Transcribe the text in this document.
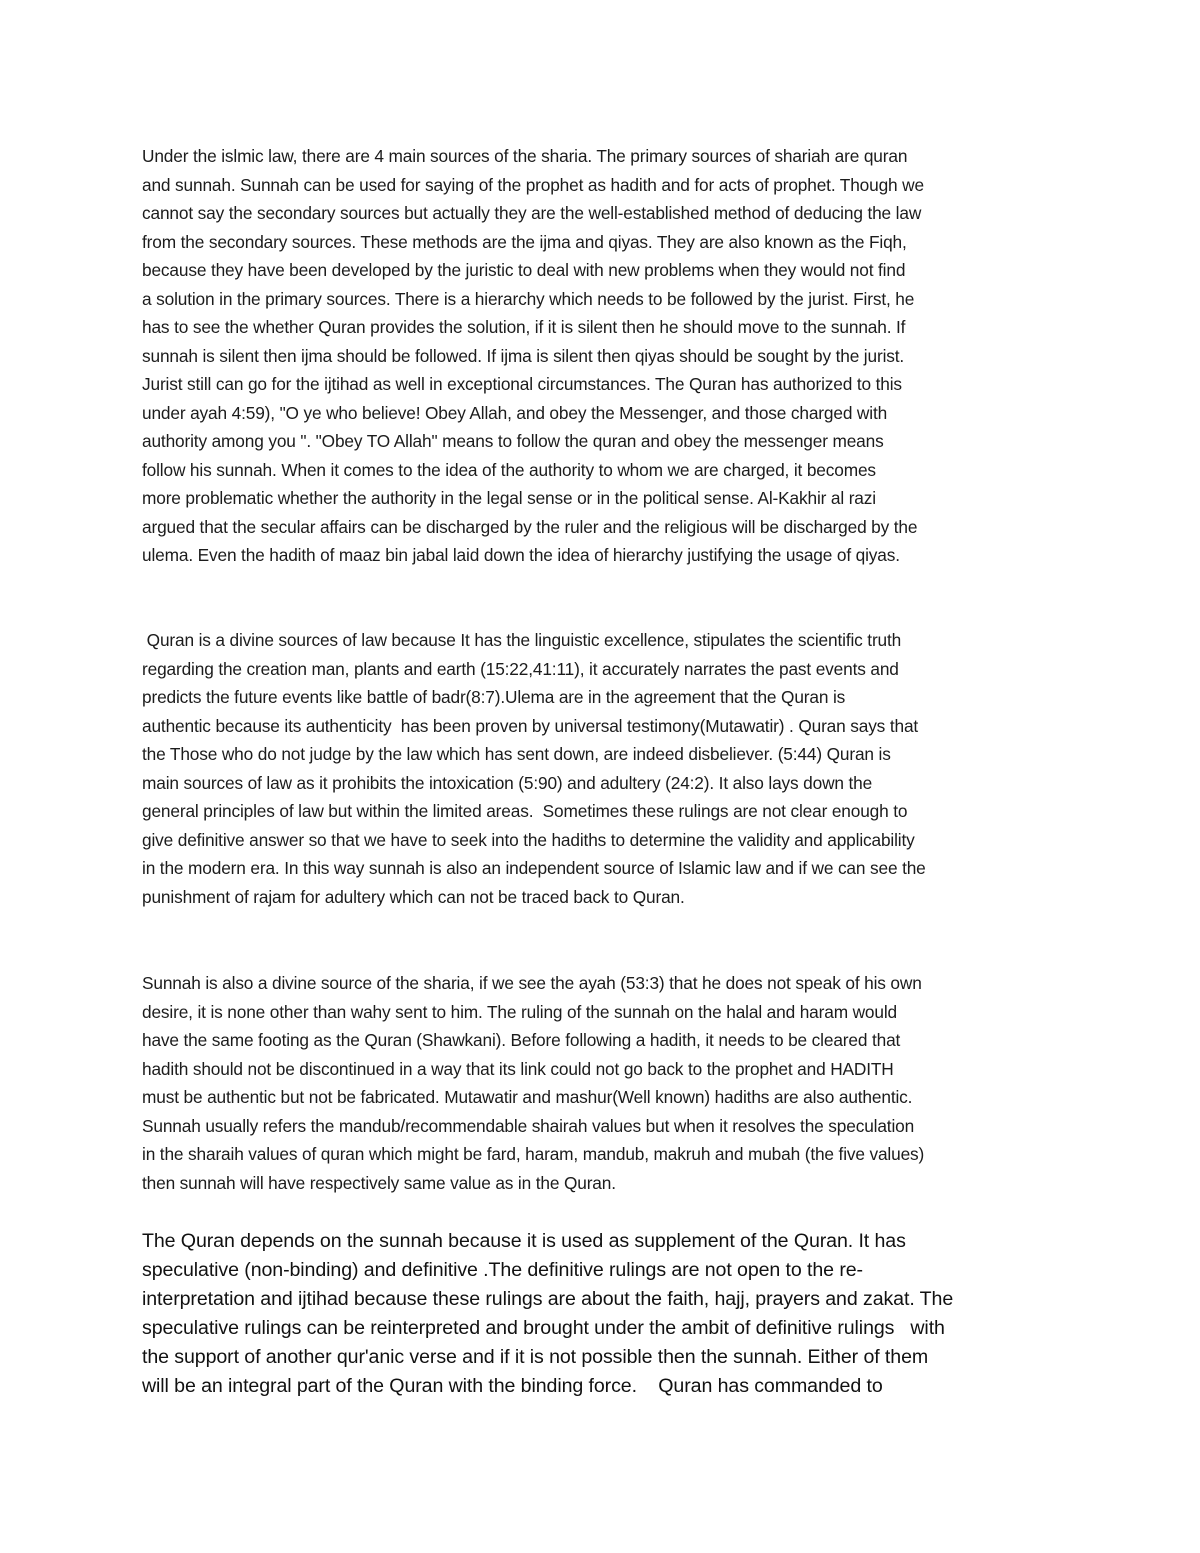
Under the islmic law, there are 4 main sources of the sharia. The primary sources of shariah are quran
and sunnah. Sunnah can be used for saying of the prophet as hadith and for acts of prophet. Though we
cannot say the secondary sources but actually they are the well-established method of deducing the law
from the secondary sources. These methods are the ijma and qiyas. They are also known as the Fiqh,
because they have been developed by the juristic to deal with new problems when they would not find
a solution in the primary sources. There is a hierarchy which needs to be followed by the jurist. First, he
has to see the whether Quran provides the solution, if it is silent then he should move to the sunnah. If
sunnah is silent then ijma should be followed. If ijma is silent then qiyas should be sought by the jurist.
Jurist still can go for the ijtihad as well in exceptional circumstances. The Quran has authorized to this
under ayah 4:59), "O ye who believe! Obey Allah, and obey the Messenger, and those charged with
authority among you ". "Obey TO Allah" means to follow the quran and obey the messenger means
follow his sunnah. When it comes to the idea of the authority to whom we are charged, it becomes
more problematic whether the authority in the legal sense or in the political sense. Al-Kakhir al razi
argued that the secular affairs can be discharged by the ruler and the religious will be discharged by the
ulema. Even the hadith of maaz bin jabal laid down the idea of hierarchy justifying the usage of qiyas.

Quran is a divine sources of law because It has the linguistic excellence, stipulates the scientific truth
regarding the creation man, plants and earth (15:22,41:11), it accurately narrates the past events and
predicts the future events like battle of badr(8:7).Ulema are in the agreement that the Quran is
authentic because its authenticity  has been proven by universal testimony(Mutawatir) . Quran says that
the Those who do not judge by the law which has sent down, are indeed disbeliever. (5:44) Quran is
main sources of law as it prohibits the intoxication (5:90) and adultery (24:2). It also lays down the
general principles of law but within the limited areas.  Sometimes these rulings are not clear enough to
give definitive answer so that we have to seek into the hadiths to determine the validity and applicability
in the modern era. In this way sunnah is also an independent source of Islamic law and if we can see the
punishment of rajam for adultery which can not be traced back to Quran.

Sunnah is also a divine source of the sharia, if we see the ayah (53:3) that he does not speak of his own
desire, it is none other than wahy sent to him. The ruling of the sunnah on the halal and haram would
have the same footing as the Quran (Shawkani). Before following a hadith, it needs to be cleared that
hadith should not be discontinued in a way that its link could not go back to the prophet and HADITH
must be authentic but not be fabricated. Mutawatir and mashur(Well known) hadiths are also authentic.
Sunnah usually refers the mandub/recommendable shairah values but when it resolves the speculation
in the sharaih values of quran which might be fard, haram, mandub, makruh and mubah (the five values)
then sunnah will have respectively same value as in the Quran.

The Quran depends on the sunnah because it is used as supplement of the Quran. It has
speculative (non-binding) and definitive .The definitive rulings are not open to the re-
interpretation and ijtihad because these rulings are about the faith, hajj, prayers and zakat. The
speculative rulings can be reinterpreted and brought under the ambit of definitive rulings   with
the support of another qur'anic verse and if it is not possible then the sunnah. Either of them
will be an integral part of the Quran with the binding force.    Quran has commanded to
